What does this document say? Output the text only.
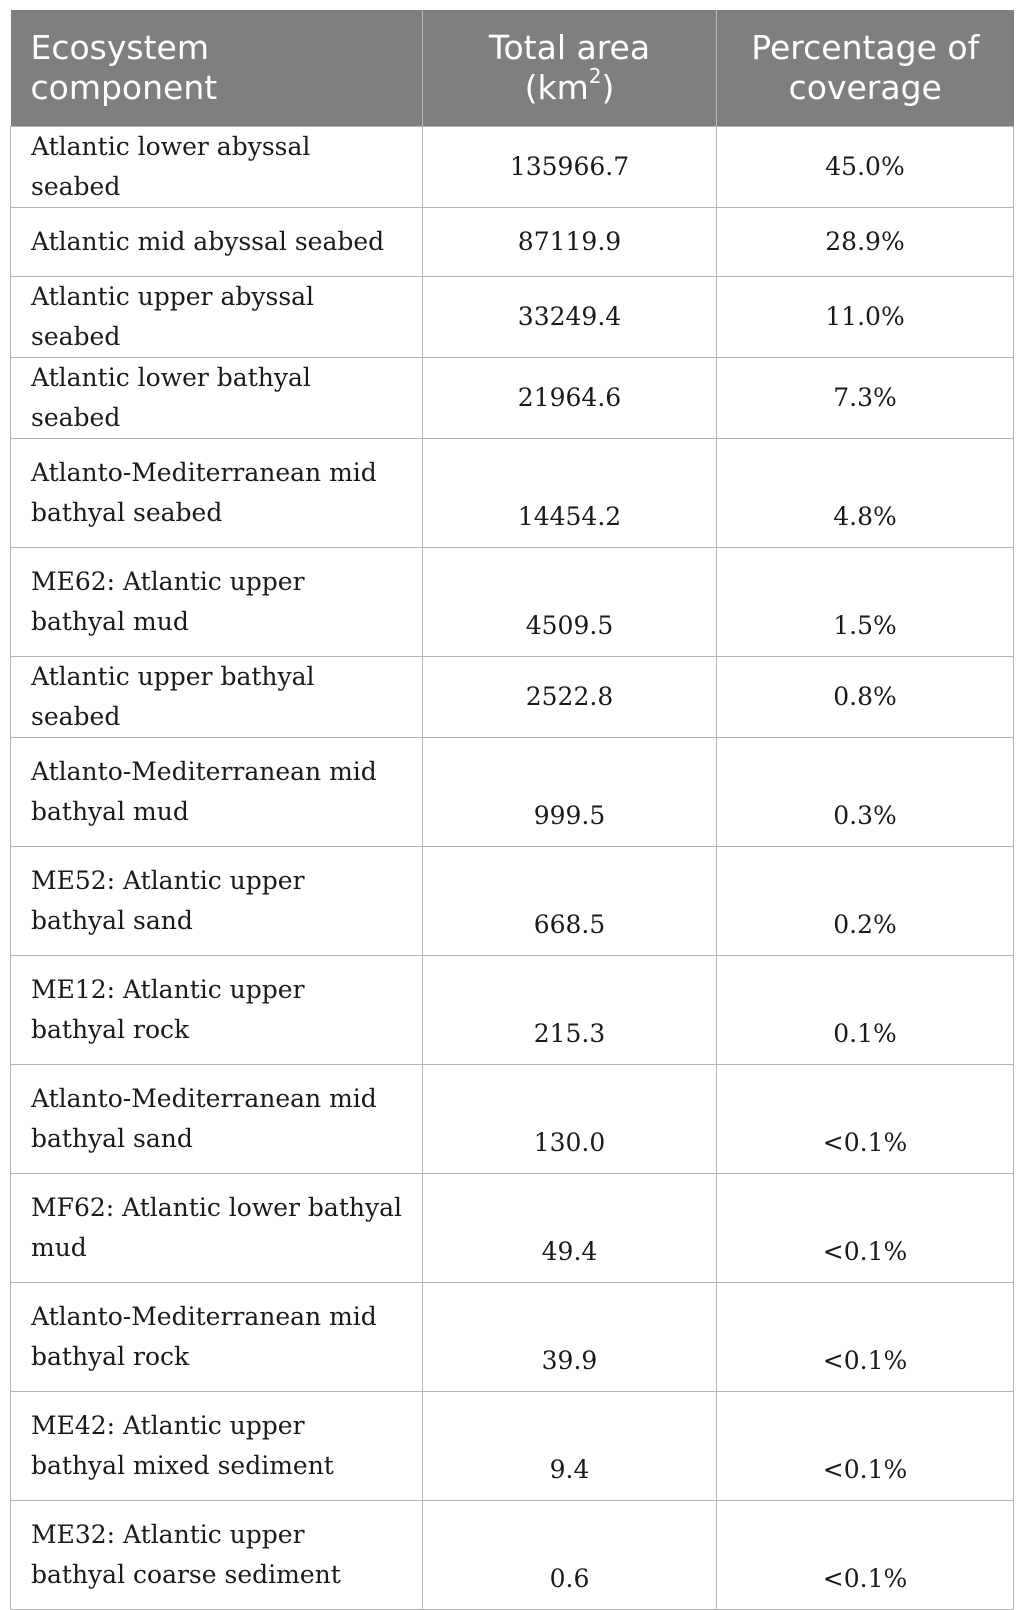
Ecosystem component	Total area $(km^2)$	Percentage of coverage
Atlantic lower abyssal seabed	135966.7	45.0%
Atlantic mid abyssal seabed	87119.9	28.9%
Atlantic upper abyssal seabed	33249.4	11.0%
Atlantic lower bathyal seabed	21964.6	7.3%
Atlanto-Mediterranean mid bathyal seabed	14454.2	4.8%
ME62: Atlantic upper bathyal mud	4509.5	1.5%
Atlantic upper bathyal seabed	2522.8	0.8%
Atlanto-Mediterranean mid bathyal mud	999.5	0.3%
ME52: Atlantic upper bathyal sand	668.5	0.2%
ME12: Atlantic upper bathyal rock	215.3	0.1%
Atlanto-Mediterranean mid bathyal sand	130.0	<0.1%
MF62: Atlantic lower bathyal mud	49.4	<0.1%
Atlanto-Mediterranean mid bathyal rock	39.9	<0.1%
ME42: Atlantic upper bathyal mixed sediment	9.4	<0.1%
ME32: Atlantic upper bathyal coarse sediment	0.6	<0.1%
